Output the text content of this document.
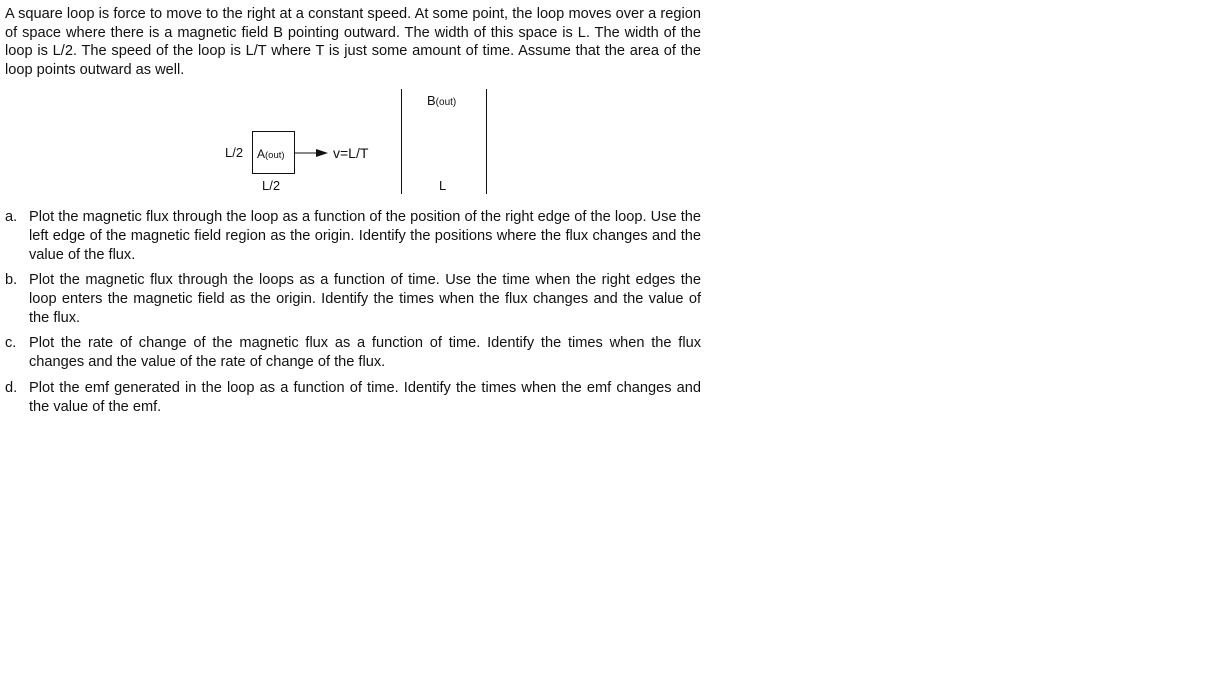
A square loop is force to move to the right at a constant speed. At some point, the loop moves over a region of space where there is a magnetic field B pointing outward. The width of this space is L. The width of the loop is L/2. The speed of the loop is L/T where T is just some amount of time. Assume that the area of the loop points outward as well.

B(out)
L
L/2 A(out)
L/2
v=L/T
a. Plot the magnetic flux through the loop as a function of the position of the right edge of the loop. Use the left edge of the magnetic field region as the origin. Identify the positions where the flux changes and the value of the flux.
b. Plot the magnetic flux through the loops as a function of time. Use the time when the right edges the loop enters the magnetic field as the origin. Identify the times when the flux changes and the value of the flux.
c. Plot the rate of change of the magnetic flux as a function of time. Identify the times when the flux changes and the value of the rate of change of the flux.
d. Plot the emf generated in the loop as a function of time. Identify the times when the emf changes and the value of the emf.
